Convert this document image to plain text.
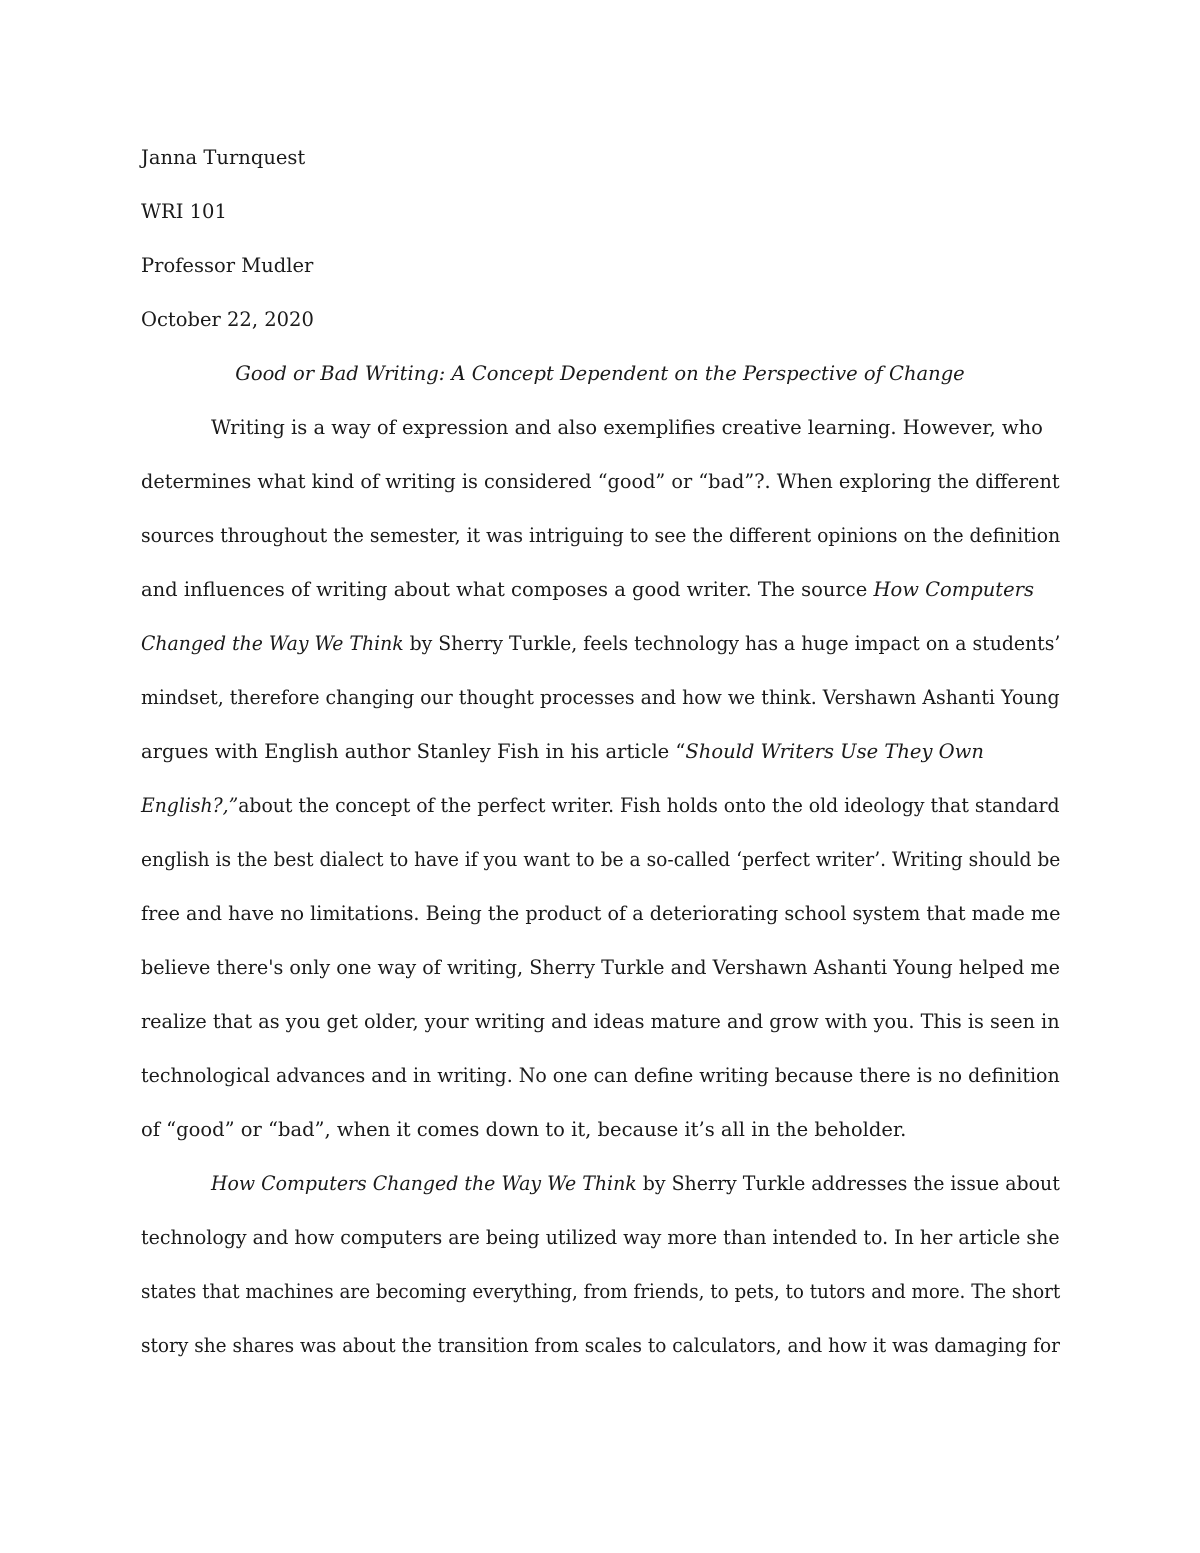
Janna Turnquest
WRI 101
Professor Mudler
October 22, 2020
Good or Bad Writing: A Concept Dependent on the Perspective of Change
Writing is a way of expression and also exemplifies creative learning. However, who
determines what kind of writing is considered “good” or “bad”?. When exploring the different
sources throughout the semester, it was intriguing to see the different opinions on the definition
and influences of writing about what composes a good writer. The source How Computers
Changed the Way We Think by Sherry Turkle, feels technology has a huge impact on a students’
mindset, therefore changing our thought processes and how we think. Vershawn Ashanti Young
argues with English author Stanley Fish in his article “Should Writers Use They Own
English?,”about the concept of the perfect writer. Fish holds onto the old ideology that standard
english is the best dialect to have if you want to be a so-called ‘perfect writer’. Writing should be
free and have no limitations. Being the product of a deteriorating school system that made me
believe there's only one way of writing, Sherry Turkle and Vershawn Ashanti Young helped me
realize that as you get older, your writing and ideas mature and grow with you. This is seen in
technological advances and in writing. No one can define writing because there is no definition
of “good” or “bad”, when it comes down to it, because it’s all in the beholder.
How Computers Changed the Way We Think by Sherry Turkle addresses the issue about
technology and how computers are being utilized way more than intended to. In her article she
states that machines are becoming everything, from friends, to pets, to tutors and more. The short
story she shares was about the transition from scales to calculators, and how it was damaging for
